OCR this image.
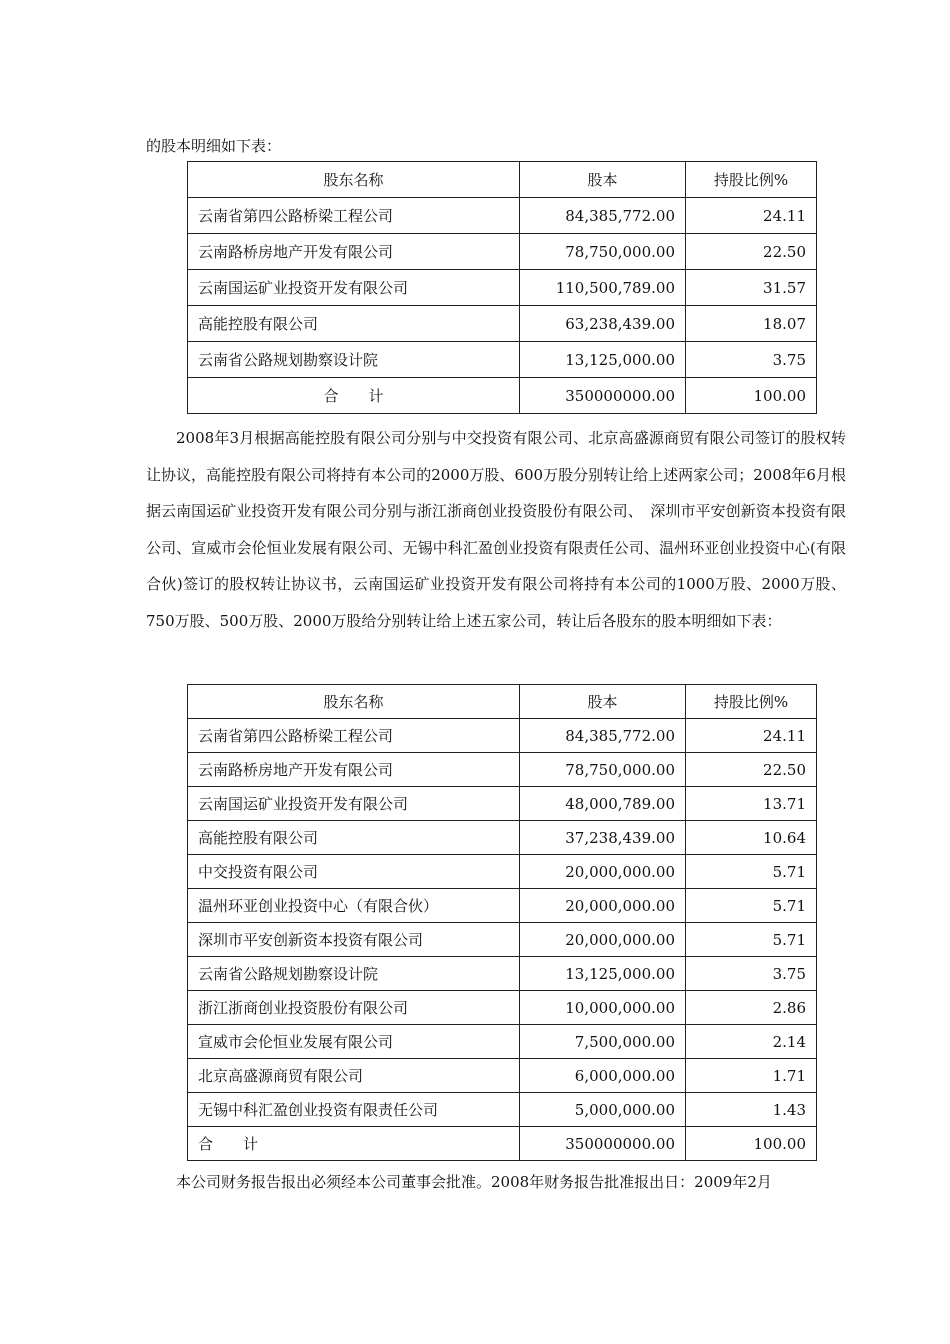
的股本明细如下表：
股东名称	股本	持股比例%
云南省第四公路桥梁工程公司	84,385,772.00	24.11
云南路桥房地产开发有限公司	78,750,000.00	22.50
云南国运矿业投资开发有限公司	110,500,789.00	31.57
高能控股有限公司	63,238,439.00	18.07
云南省公路规划勘察设计院	13,125,000.00	3.75
合　　计	350000000.00	100.00

2008年3月根据高能控股有限公司分别与中交投资有限公司、北京高盛源商贸有限公司签订的股权转让协议，高能控股有限公司将持有本公司的2000万股、600万股分别转让给上述两家公司；2008年6月根据云南国运矿业投资开发有限公司分别与浙江浙商创业投资股份有限公司、　深圳市平安创新资本投资有限公司、宣威市会伦恒业发展有限公司、无锡中科汇盈创业投资有限责任公司、温州环亚创业投资中心(有限合伙)签订的股权转让协议书，云南国运矿业投资开发有限公司将持有本公司的1000万股、2000万股、750万股、500万股、2000万股给分别转让给上述五家公司，转让后各股东的股本明细如下表：

股东名称	股本	持股比例%
云南省第四公路桥梁工程公司	84,385,772.00	24.11
云南路桥房地产开发有限公司	78,750,000.00	22.50
云南国运矿业投资开发有限公司	48,000,789.00	13.71
高能控股有限公司	37,238,439.00	10.64
中交投资有限公司	20,000,000.00	5.71
温州环亚创业投资中心（有限合伙）	20,000,000.00	5.71
深圳市平安创新资本投资有限公司	20,000,000.00	5.71
云南省公路规划勘察设计院	13,125,000.00	3.75
浙江浙商创业投资股份有限公司	10,000,000.00	2.86
宣威市会伦恒业发展有限公司	7,500,000.00	2.14
北京高盛源商贸有限公司	6,000,000.00	1.71
无锡中科汇盈创业投资有限责任公司	5,000,000.00	1.43
合　　计	350000000.00	100.00

本公司财务报告报出必须经本公司董事会批准。2008年财务报告批准报出日：2009年2月
